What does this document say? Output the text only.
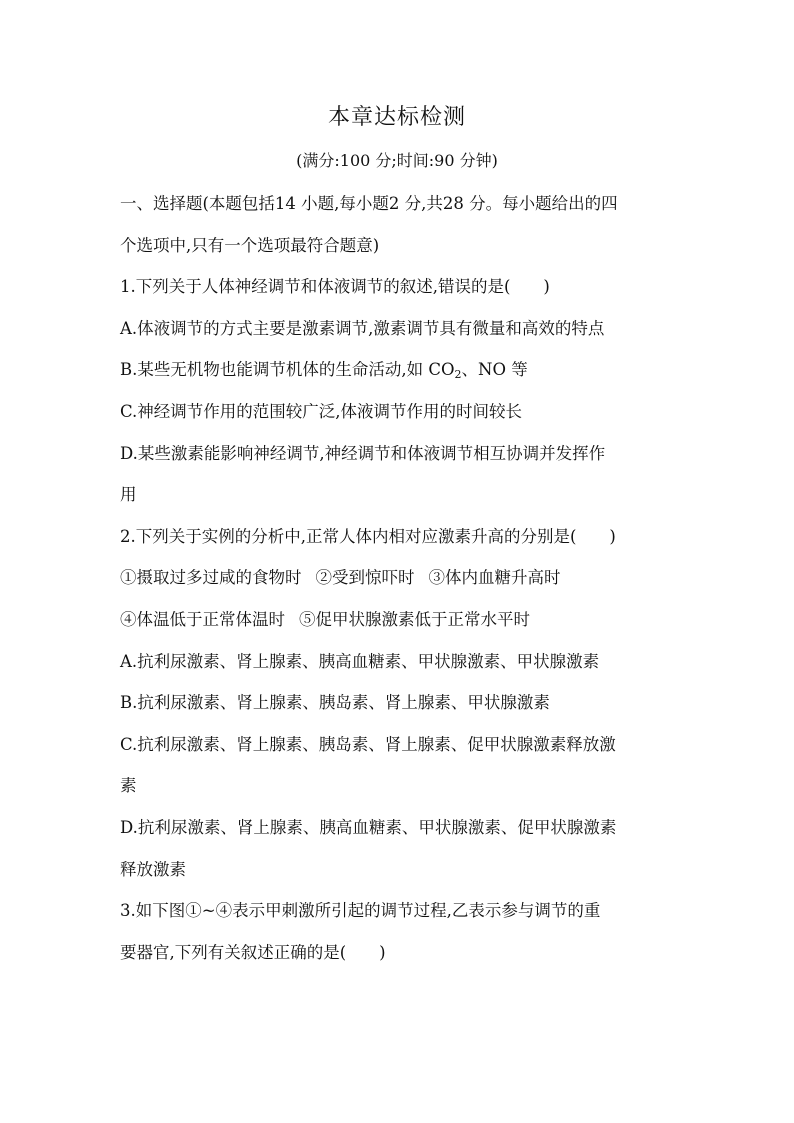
本章达标检测
(满分:100 分;时间:90 分钟)
一、选择题(本题包括14 小题,每小题2 分,共28 分。每小题给出的四
个选项中,只有一个选项最符合题意)
1.下列关于人体神经调节和体液调节的叙述,错误的是(　　)
A.体液调节的方式主要是激素调节,激素调节具有微量和高效的特点
B.某些无机物也能调节机体的生命活动,如 $CO_2$、NO 等
C.神经调节作用的范围较广泛,体液调节作用的时间较长
D.某些激素能影响神经调节,神经调节和体液调节相互协调并发挥作
用
2.下列关于实例的分析中,正常人体内相对应激素升高的分别是(　　)
①摄取过多过咸的食物时 ②受到惊吓时 ③体内血糖升高时
④体温低于正常体温时 ⑤促甲状腺激素低于正常水平时
A.抗利尿激素、肾上腺素、胰高血糖素、甲状腺激素、甲状腺激素
B.抗利尿激素、肾上腺素、胰岛素、肾上腺素、甲状腺激素
C.抗利尿激素、肾上腺素、胰岛素、肾上腺素、促甲状腺激素释放激
素
D.抗利尿激素、肾上腺素、胰高血糖素、甲状腺激素、促甲状腺激素
释放激素
3.如下图①~④表示甲刺激所引起的调节过程,乙表示参与调节的重
要器官,下列有关叙述正确的是(　　)
